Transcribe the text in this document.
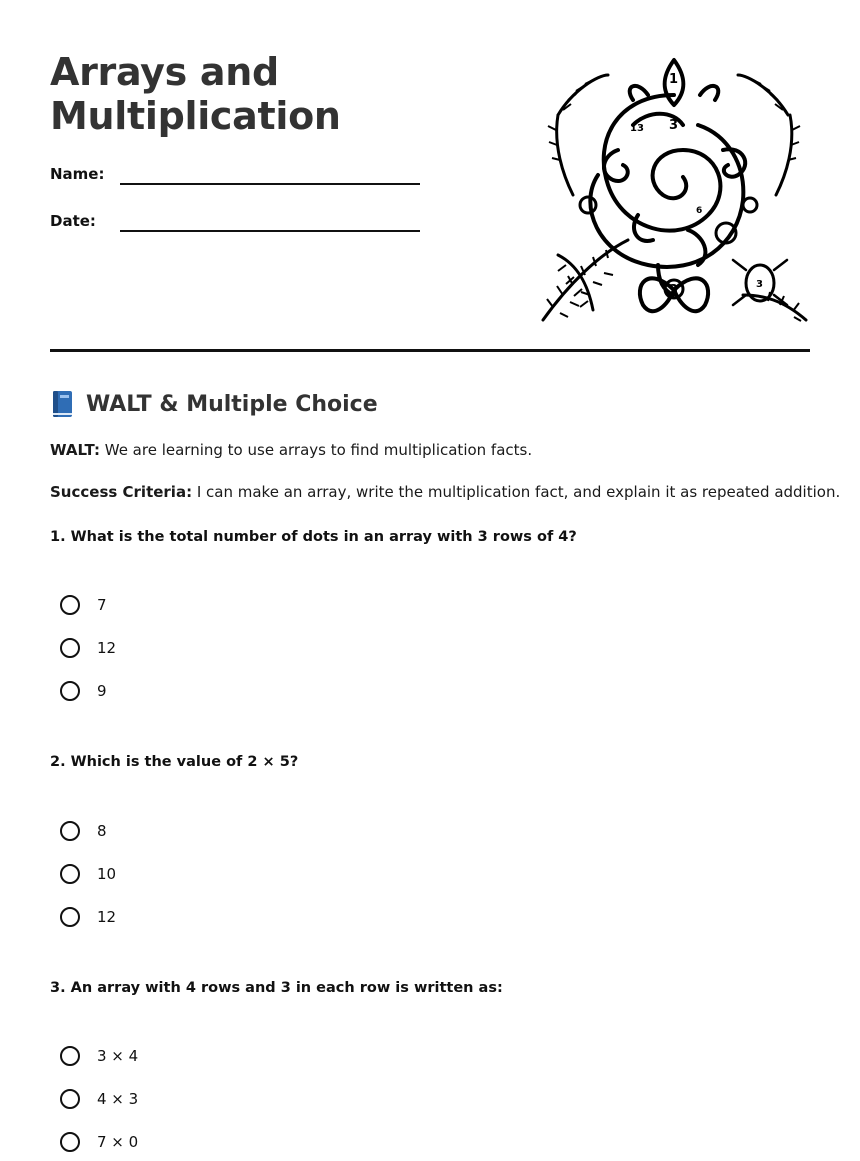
Arrays and
Multiplication
Name:
Date:
1
13 3
6
3	3
WALT & Multiple Choice
WALT: We are learning to use arrays to find multiplication facts.
Success Criteria: I can make an array, write the multiplication fact, and explain it as repeated addition.
1. What is the total number of dots in an array with 3 rows of 4?
7
12
9
2. Which is the value of 2 × 5?
8
10
12
3. An array with 4 rows and 3 in each row is written as:
3 × 4
4 × 3
7 × 0
